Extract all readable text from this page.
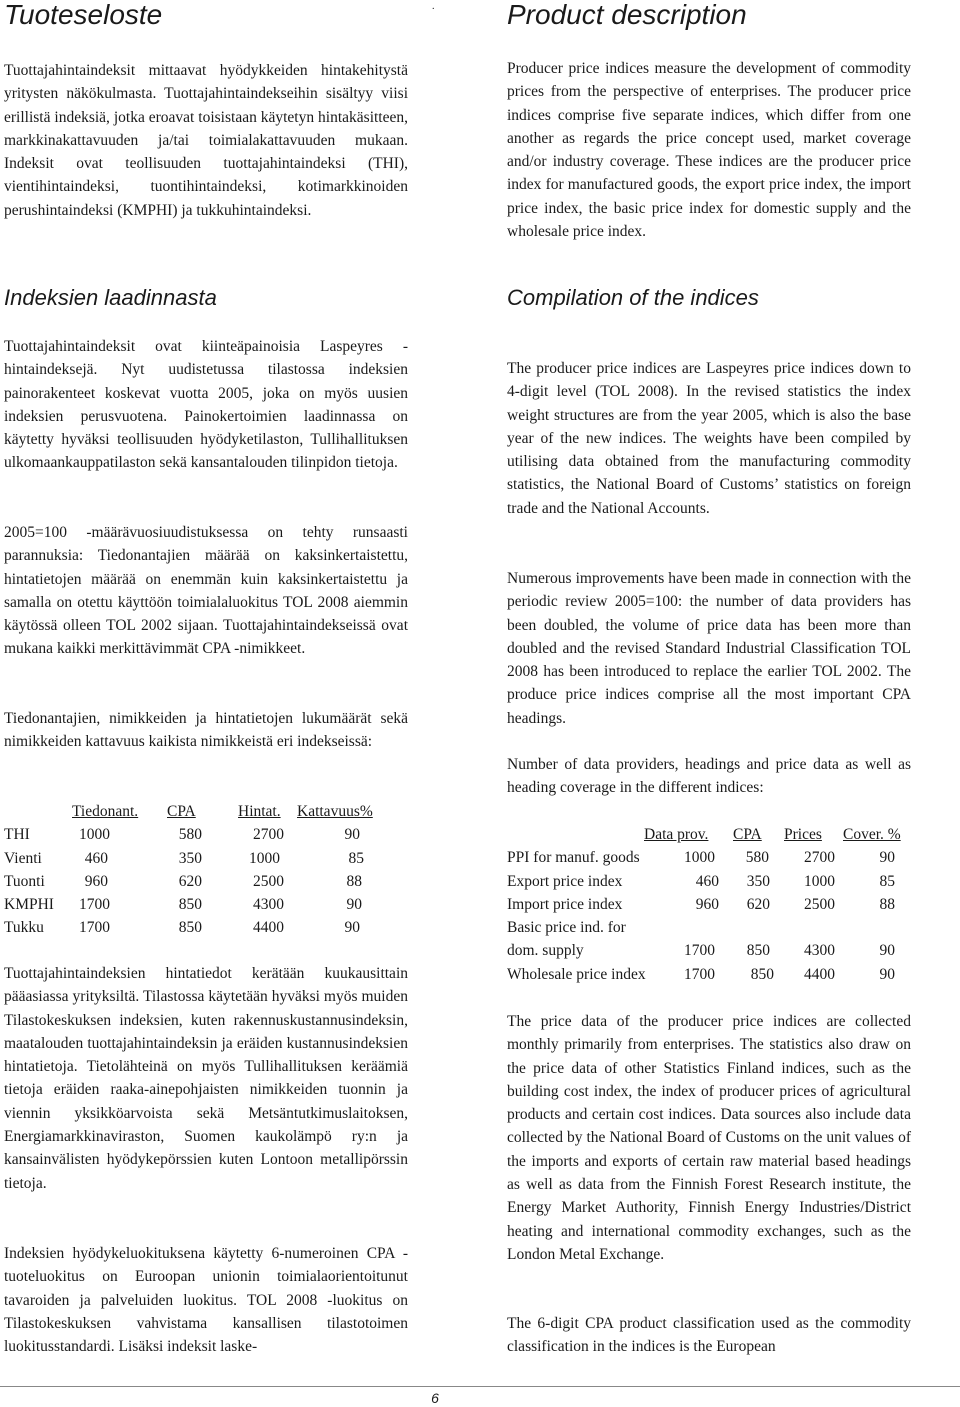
.
Tuoteseloste

Tuottajahintaindeksit mittaavat hyödykkeiden hintakehitystä yritysten näkökulmasta. Tuottajahintaindekseihin sisältyy viisi erillistä indeksiä, jotka eroavat toisistaan käytetyn hintakäsitteen, markkinakattavuuden ja/tai toimialakattavuuden mukaan. Indeksit ovat teollisuuden tuottajahintaindeksi (THI), vientihintaindeksi, tuontihintaindeksi, kotimarkkinoiden perushintaindeksi (KMPHI) ja tukkuhintaindeksi.

Indeksien laadinnasta

Tuottajahintaindeksit ovat kiinteäpainoisia Laspeyres -hintaindeksejä. Nyt uudistetussa tilastossa indeksien painorakenteet koskevat vuotta 2005, joka on myös uusien indeksien perusvuotena. Painokertoimien laadinnassa on käytetty hyväksi teollisuuden hyödyketilaston, Tullihallituksen ulkomaankauppatilaston sekä kansantalouden tilinpidon tietoja.

2005=100 -määrävuosiuudistuksessa on tehty runsaasti parannuksia: Tiedonantajien määrää on kaksinkertaistettu, hintatietojen määrää on enemmän kuin kaksinkertaistettu ja samalla on otettu käyttöön toimialaluokitus TOL 2008 aiemmin käytössä olleen TOL 2002 sijaan. Tuottajahintaindekseissä ovat mukana kaikki merkittävimmät CPA -nimikkeet.

Tiedonantajien, nimikkeiden ja hintatietojen lukumäärät sekä nimikkeiden kattavuus kaikista nimikkeistä eri indekseissä:

Tiedonant. CPA	Hintat. Kattavuus%
THI	1000	580	2700	90
Vienti	460	350	1000	85
Tuonti	960	620	2500	88
KMPHI 1700	850	4300	90
Tukku 1700	850	4400	90

Tuottajahintaindeksien hintatiedot kerätään kuukausittain pääasiassa yrityksiltä. Tilastossa käytetään hyväksi myös muiden Tilastokeskuksen indeksien, kuten rakennuskustannusindeksin, maatalouden tuottajahintaindeksin ja eräiden kustannusindeksien hintatietoja. Tietolähteinä on myös Tullihallituksen keräämiä tietoja eräiden raaka-ainepohjaisten nimikkeiden tuonnin ja viennin yksikköarvoista sekä Metsäntutkimuslaitoksen, Energiamarkkinaviraston, Suomen kaukolämpö ry:n ja kansainvälisten hyödykepörssien kuten Lontoon metallipörssin tietoja.

Indeksien hyödykeluokituksena käytetty 6-numeroinen CPA -tuoteluokitus on Euroopan unionin toimialaorientoitunut tavaroiden ja palveluiden luokitus. TOL 2008 -luokitus on Tilastokeskuksen vahvistama kansallisen tilastotoimen luokitusstandardi. Lisäksi indeksit laske-

Product description

Producer price indices measure the development of commodity prices from the perspective of enterprises. The producer price indices comprise five separate indices, which differ from one another as regards the price concept used, market coverage and/or industry coverage. These indices are the producer price index for manufactured goods, the export price index, the import price index, the basic price index for domestic supply and the wholesale price index.

Compilation of the indices

The producer price indices are Laspeyres price indices down to 4-digit level (TOL 2008). In the revised statistics the index weight structures are from the year 2005, which is also the base year of the new indices. The weights have been compiled by utilising data obtained from the manufacturing commodity statistics, the National Board of Customs’ statistics on foreign trade and the National Accounts.

Numerous improvements have been made in connection with the periodic review 2005=100: the number of data providers has been doubled, the volume of price data has been more than doubled and the revised Standard Industrial Classification TOL 2008 has been introduced to replace the earlier TOL 2002. The produce price indices comprise all the most important CPA headings.

Number of data providers, headings and price data as well as heading coverage in the different indices:

Data prov. CPA Prices Cover. %
PPI for manuf. goods	1000 580 2700	90
Export price index	460 350 1000	85
Import price index	960 620 2500	88
Basic price ind. for
dom. supply	1700 850 4300	90
Wholesale price index 1700 850 4400	90

The price data of the producer price indices are collected monthly primarily from enterprises. The statistics also draw on the price data of other Statistics Finland indices, such as the building cost index, the index of producer prices of agricultural products and certain cost indices. Data sources also include data collected by the National Board of Customs on the unit values of the imports and exports of certain raw material based headings as well as data from the Finnish Forest Research institute, the Energy Market Authority, Finnish Energy Industries/District heating and international commodity exchanges, such as the London Metal Exchange.

The 6-digit CPA product classification used as the commodity classification in the indices is the European

6
